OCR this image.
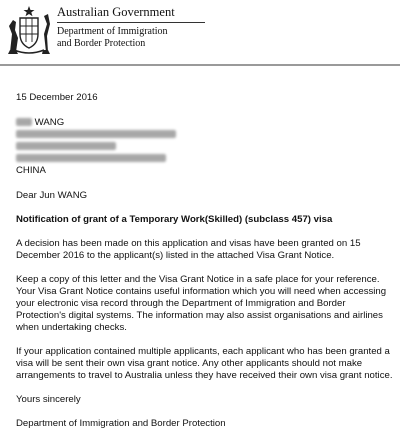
Australian Government
Department of Immigration
and Border Protection

15 December 2016

WANG

CHINA

Dear Jun WANG

Notification of grant of a Temporary Work(Skilled) (subclass 457) visa

A decision has been made on this application and visas have been granted on 15 December 2016 to the applicant(s) listed in the attached Visa Grant Notice.

Keep a copy of this letter and the Visa Grant Notice in a safe place for your reference. Your Visa Grant Notice contains useful information which you will need when accessing your electronic visa record through the Department of Immigration and Border Protection's digital systems. The information may also assist organisations and airlines when undertaking checks.

If your application contained multiple applicants, each applicant who has been granted a visa will be sent their own visa grant notice. Any other applicants should not make arrangements to travel to Australia unless they have received their own visa grant notice.

Yours sincerely

Department of Immigration and Border Protection
